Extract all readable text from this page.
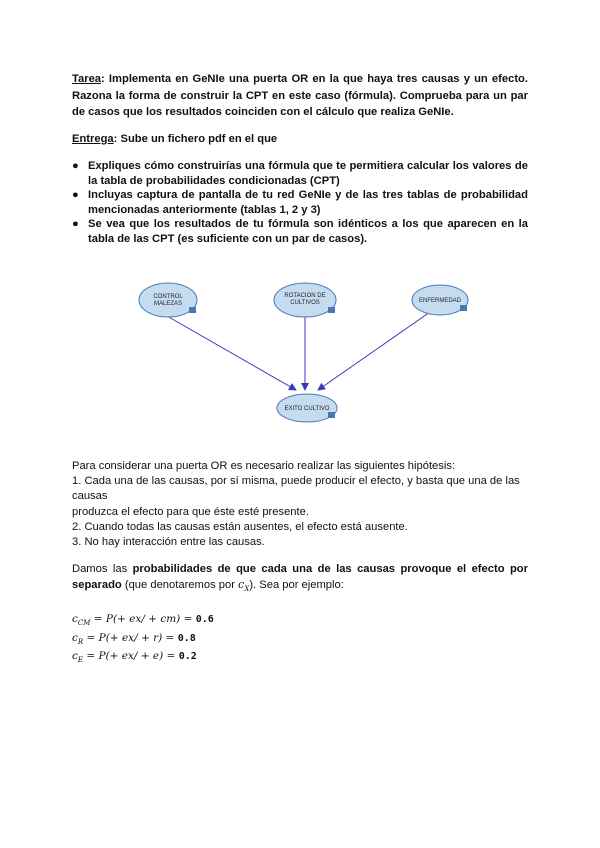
Tarea: Implementa en GeNIe una puerta OR en la que haya tres causas y un efecto. Razona la forma de construir la CPT en este caso (fórmula). Comprueba para un par de casos que los resultados coinciden con el cálculo que realiza GeNIe.
Entrega: Sube un fichero pdf en el que
● Expliques cómo construirías una fórmula que te permitiera calcular los valores de la tabla de probabilidades condicionadas (CPT)
● Incluyas captura de pantalla de tu red GeNIe y de las tres tablas de probabilidad mencionadas anteriormente (tablas 1, 2 y 3)
● Se vea que los resultados de tu fórmula son idénticos a los que aparecen en la tabla de las CPT (es suficiente con un par de casos).
CONTROL
MALEZAS
ROTACION DE
CULTIVOS	ENFERMEDAD
EXITO CULTIVO
Para considerar una puerta OR es necesario realizar las siguientes hipótesis:
1. Cada una de las causas, por sí misma, puede producir el efecto, y basta que una de las causas
produzca el efecto para que éste esté presente.
2. Cuando todas las causas están ausentes, el efecto está ausente.
3. No hay interacción entre las causas.
Damos las probabilidades de que cada una de las causas provoque el efecto por separado (que denotaremos por $c_X$). Sea por ejemplo:
$c_{CM} = P(+ ex/ + cm) = 0.6$
$c_R = P(+ ex/ + r) = 0.8$
$c_E = P(+ ex/ + e) = 0.2$
